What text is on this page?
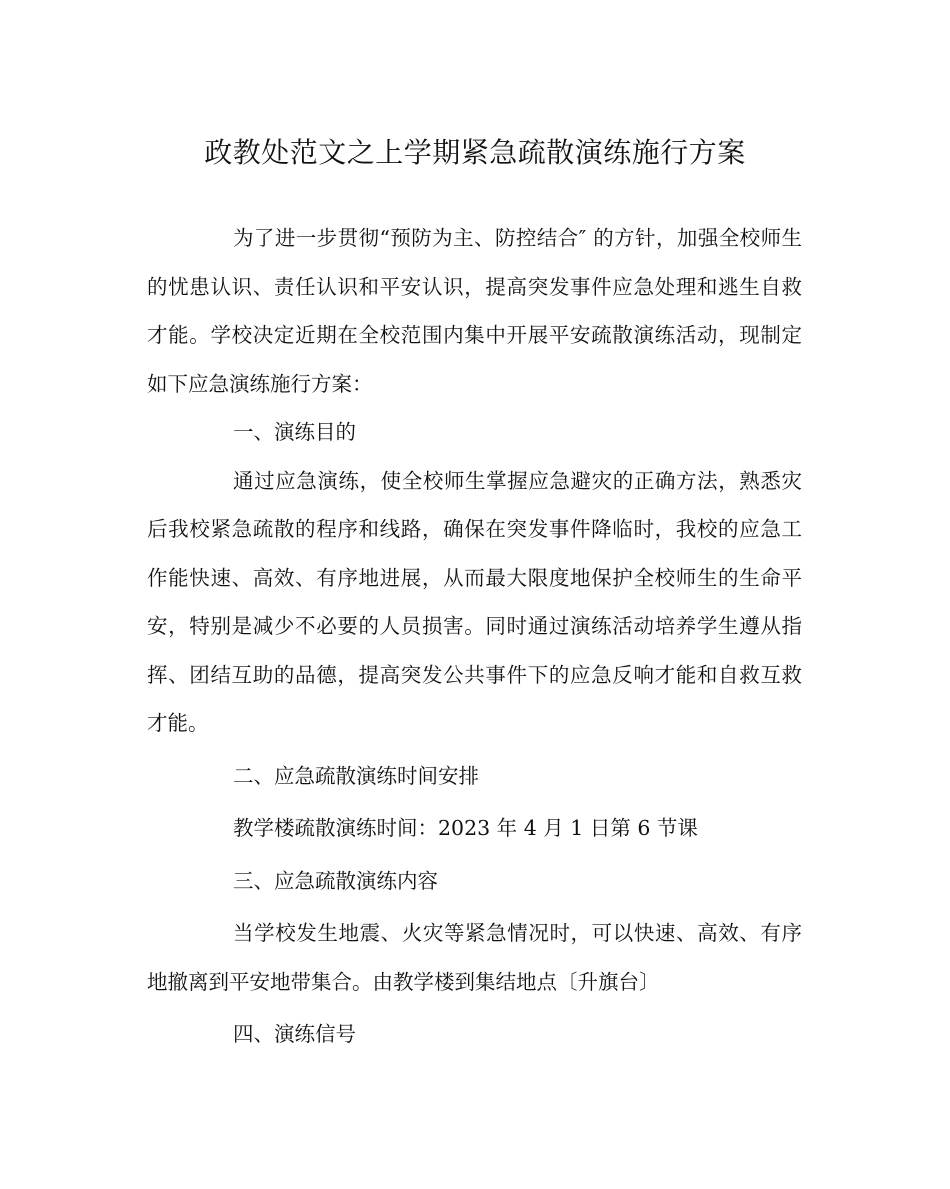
政教处范文之上学期紧急疏散演练施行方案

为了进一步贯彻“预防为主、防控结合″ 的方针，加强全校师生的忧患认识、责任认识和平安认识，提高突发事件应急处理和逃生自救才能。学校决定近期在全校范围内集中开展平安疏散演练活动，现制定如下应急演练施行方案：

一、演练目的

通过应急演练，使全校师生掌握应急避灾的正确方法，熟悉灾后我校紧急疏散的程序和线路，确保在突发事件降临时，我校的应急工作能快速、高效、有序地进展，从而最大限度地保护全校师生的生命平安，特别是减少不必要的人员损害。同时通过演练活动培养学生遵从指挥、团结互助的品德，提高突发公共事件下的应急反响才能和自救互救才能。

二、应急疏散演练时间安排

教学楼疏散演练时间：2023 年 4 月 1 日第 6 节课

三、应急疏散演练内容

当学校发生地震、火灾等紧急情况时，可以快速、高效、有序地撤离到平安地带集合。由教学楼到集结地点〔升旗台〕

四、演练信号
